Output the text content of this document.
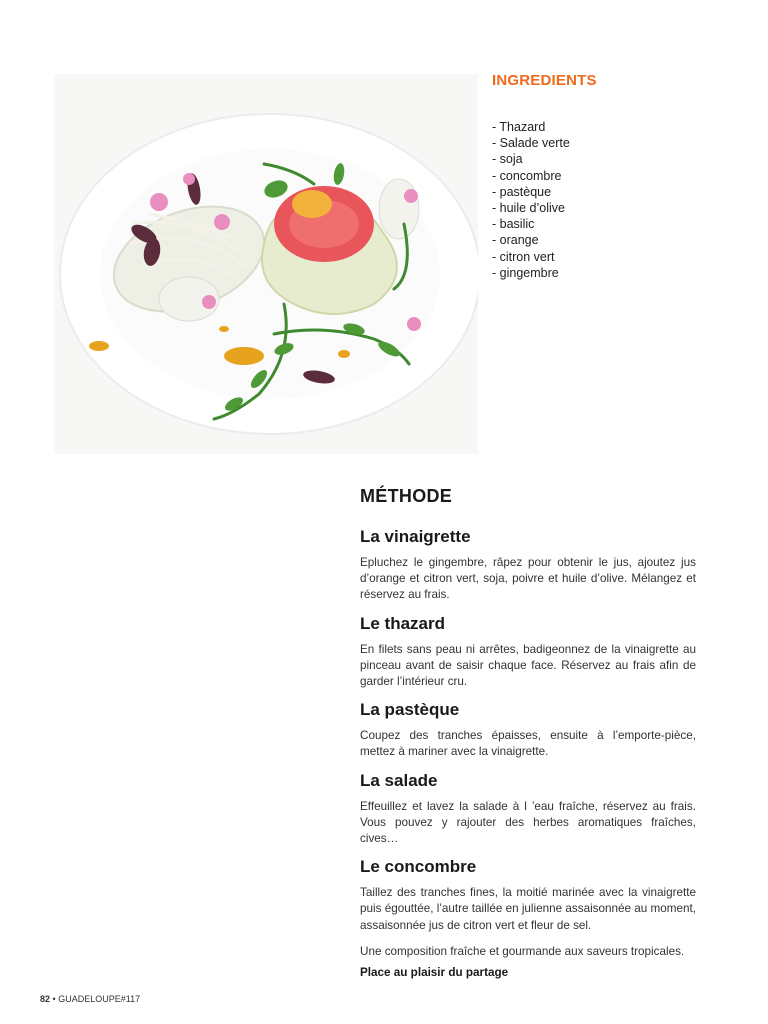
INGREDIENTS
- Thazard
- Salade verte
- soja
- concombre
- pastèque
- huile d’olive
- basilic
- orange
- citron vert
- gingembre
MÉTHODE
La vinaigrette

Epluchez le gingembre, râpez pour obtenir le jus, ajoutez jus d’orange et citron vert, soja, poivre et huile d’olive. Mélangez et réservez au frais.

Le thazard

En filets sans peau ni arrêtes, badigeonnez de la vinaigrette au pinceau avant de saisir chaque face. Réservez au frais afin de garder l’intérieur cru.

La pastèque

Coupez des tranches épaisses, ensuite à l’emporte-pièce, mettez à mariner avec la vinaigrette.

La salade

Effeuillez et lavez la salade à l ’eau fraîche, réservez au frais. Vous pouvez y rajouter des herbes aromatiques fraîches, cives…

Le concombre

Taillez des tranches fines, la moitié marinée avec la vinaigrette puis égouttée, l’autre taillée en julienne assaisonnée au moment, assaisonnée jus de citron vert et fleur de sel.

Une composition fraîche et gourmande aux saveurs tropicales.

Place au plaisir du partage

82 • GUADELOUPE#117
